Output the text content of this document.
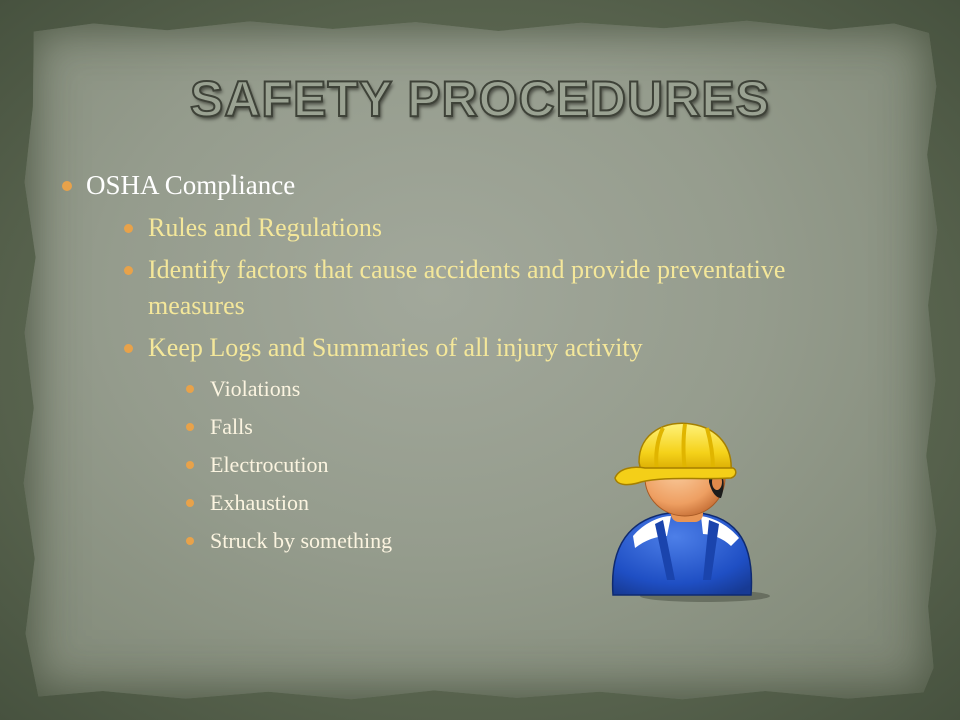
SAFETY PROCEDURES
OSHA Compliance
Rules and Regulations
Identify factors that cause accidents and provide preventative measures
Keep Logs and Summaries of all injury activity
Violations
Falls
Electrocution
Exhaustion
Struck by something
